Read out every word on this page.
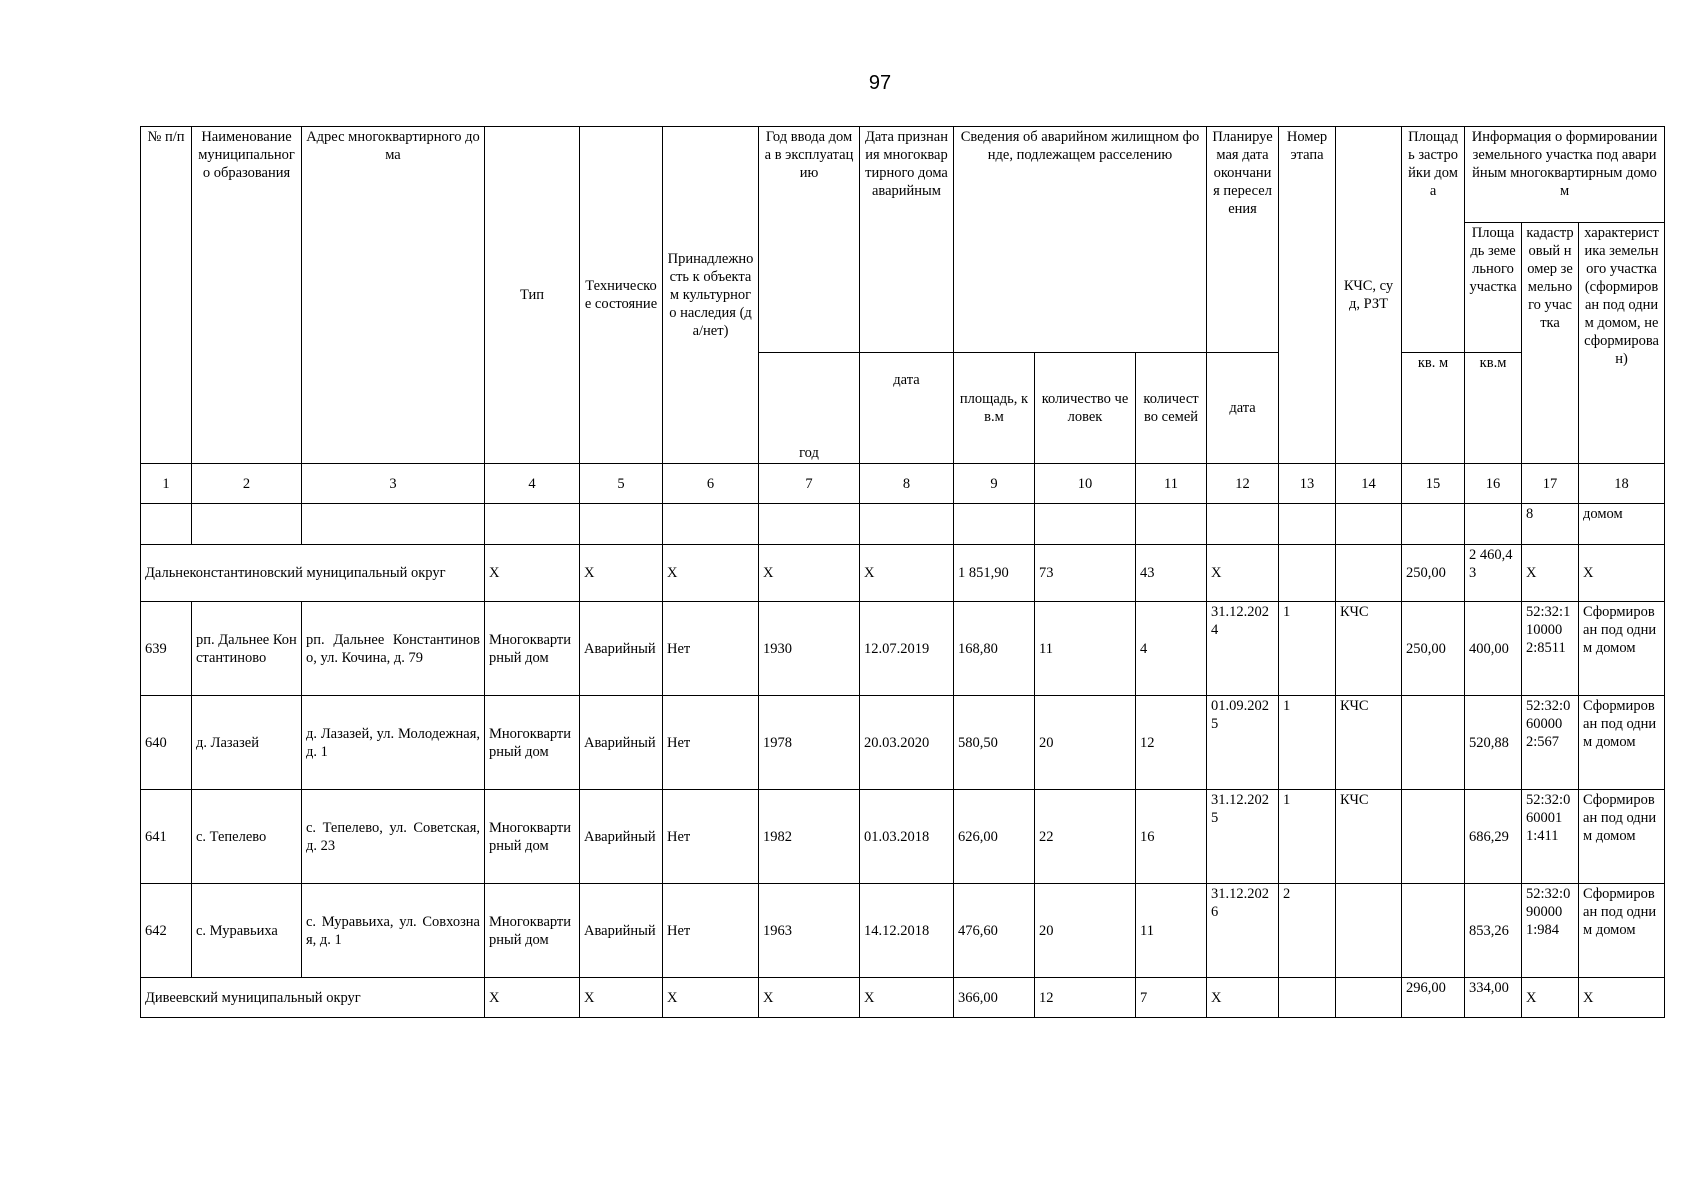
97
№ п/п	Наименование муниципального образования	Адрес многоквартирного дома	Тип	Техническое состояние	Принадлежность к объектам культурного наследия (да/нет)	Год ввода дома в эксплуатацию	Дата признания многоквартирного дома аварийным	Сведения об аварийном жилищном фонде, подлежащем расселению			Планируемая дата окончания переселения	Номер этапа	КЧС, суд, РЗТ	Площадь застройки дома	Информация о формировании земельного участка под аварийным многоквартирным домом		
															Площадь земельного участка	кадастровый номер земельного участка	характеристика земельного участка (сформирован под одним домом, не сформирован)
						год	дата	площадь, кв.м	количество человек	количество семей	дата			кв. м	кв.м		
1	2	3	4	5	6	7	8	9	10	11	12	13	14	15	16	17	18
																8	домом
Дальнеконстантиновский муниципальный округ			Х	Х	Х	Х	Х	1 851,90	73	43	Х			250,00	2 460,43	Х	Х
639	рп. Дальнее Константиново	рп. Дальнее Константиново, ул. Кочина, д. 79	Многоквартирный дом	Аварийный	Нет	1930	12.07.2019	168,80	11	4	31.12.2024	1	КЧС	250,00	400,00	52:32:110000 2:8511	Сформирован под одним домом
640	д. Лазазей	д. Лазазей, ул. Молодежная, д. 1	Многоквартирный дом	Аварийный	Нет	1978	20.03.2020	580,50	20	12	01.09.2025	1	КЧС		520,88	52:32:060000 2:567	Сформирован под одним домом
641	с. Тепелево	с. Тепелево, ул. Советская, д. 23	Многоквартирный дом	Аварийный	Нет	1982	01.03.2018	626,00	22	16	31.12.2025	1	КЧС		686,29	52:32:060001 1:411	Сформирован под одним домом
642	с. Муравьиха	с. Муравьиха, ул. Совхозная, д. 1	Многоквартирный дом	Аварийный	Нет	1963	14.12.2018	476,60	20	11	31.12.2026	2			853,26	52:32:090000 1:984	Сформирован под одним домом
Дивеевский муниципальный округ			Х	Х	Х	Х	Х	366,00	12	7	Х			296,00	334,00	Х	Х
